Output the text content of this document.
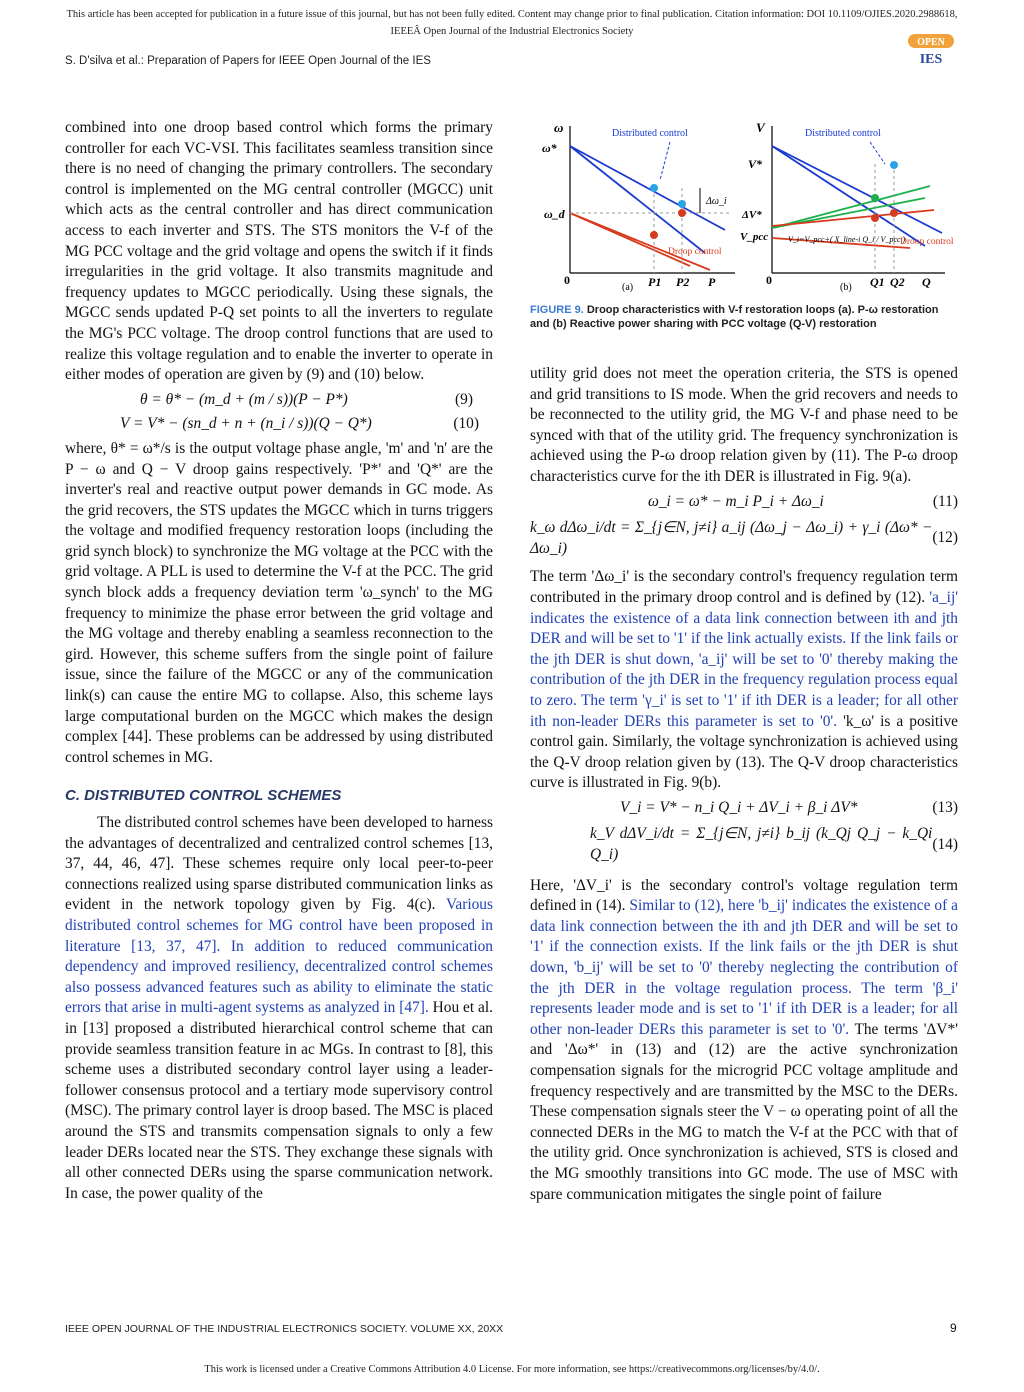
This article has been accepted for publication in a future issue of this journal, but has not been fully edited. Content may change prior to final publication. Citation information: DOI 10.1109/OJIES.2020.2988618,
IEEEÂ Open Journal of the Industrial Electronics Society
S. D'silva et al.: Preparation of Papers for IEEE Open Journal of the IES
OPEN
IES

combined into one droop based control which forms the primary controller for each VC-VSI. This facilitates seamless transition since there is no need of changing the primary controllers. The secondary control is implemented on the MG central controller (MGCC) unit which acts as the central controller and has direct communication access to each inverter and STS. The STS monitors the V-f of the MG PCC voltage and the grid voltage and opens the switch if it finds irregularities in the grid voltage. It also transmits magnitude and frequency updates to MGCC periodically. Using these signals, the MGCC sends updated P-Q set points to all the inverters to regulate the MG's PCC voltage. The droop control functions that are used to realize this voltage regulation and to enable the inverter to operate in either modes of operation are given by (9) and (10) below.

θ = θ* − (m_d + (m / s))(P − P*)	(9)
V = V* − (sn_d + n + (n_i / s))(Q − Q*)	(10)

where, θ* = ω*/s is the output voltage phase angle, 'm' and 'n' are the P − ω and Q − V droop gains respectively. 'P*' and 'Q*' are the inverter's real and reactive output power demands in GC mode. As the grid recovers, the STS updates the MGCC which in turns triggers the voltage and modified frequency restoration loops (including the grid synch block) to synchronize the MG voltage at the PCC with the grid voltage. A PLL is used to determine the V-f at the PCC. The grid synch block adds a frequency deviation term 'ω_synch' to the MG frequency to minimize the phase error between the grid voltage and the MG voltage and thereby enabling a seamless reconnection to the gird. However, this scheme suffers from the single point of failure issue, since the failure of the MGCC or any of the communication link(s) can cause the entire MG to collapse. Also, this scheme lays large computational burden on the MGCC which makes the design complex [44]. These problems can be addressed by using distributed control schemes in MG.

C. DISTRIBUTED CONTROL SCHEMES

The distributed control schemes have been developed to harness the advantages of decentralized and centralized control schemes [13, 37, 44, 46, 47]. These schemes require only local peer-to-peer connections realized using sparse distributed communication links as evident in the network topology given by Fig. 4(c). Various distributed control schemes for MG control have been proposed in literature [13, 37, 47]. In addition to reduced communication dependency and improved resiliency, decentralized control schemes also possess advanced features such as ability to eliminate the static errors that arise in multi-agent systems as analyzed in [47]. Hou et al. in [13] proposed a distributed hierarchical control scheme that can provide seamless transition feature in ac MGs. In contrast to [8], this scheme uses a distributed secondary control layer using a leader-follower consensus protocol and a tertiary mode supervisory control (MSC). The primary control layer is droop based. The MSC is placed around the STS and transmits compensation signals to only a few leader DERs located near the STS. They exchange these signals with all other connected DERs using the sparse communication network. In case, the power quality of the

ω
ω*
ω_d
Δω_i
Distributed control
Droop control
0	P1 P2 P
(a)
V
V*
ΔV*
V_pcc V_i=V_pcc+( X_line-i Q_i / V_pcc )
Distributed control
Droop control
0	Q1 Q2 Q
(b)
FIGURE 9. Droop characteristics with V-f restoration loops (a). P-ω restoration and (b) Reactive power sharing with PCC voltage (Q-V) restoration

utility grid does not meet the operation criteria, the STS is opened and grid transitions to IS mode. When the grid recovers and needs to be reconnected to the utility grid, the MG V-f and phase need to be synced with that of the utility grid. The frequency synchronization is achieved using the P-ω droop relation given by (11). The P-ω droop characteristics curve for the ith DER is illustrated in Fig. 9(a).

ω_i = ω* − m_i P_i + Δω_i	(11)
k_ω dΔω_i/dt = Σ_{j∈N, j≠i} a_ij (Δω_j − Δω_i) + γ_i (Δω* − Δω_i)
(12)

The term 'Δω_i' is the secondary control's frequency regulation term contributed in the primary droop control and is defined by (12). 'a_ij' indicates the existence of a data link connection between ith and jth DER and will be set to '1' if the link actually exists. If the link fails or the jth DER is shut down, 'a_ij' will be set to '0' thereby making the contribution of the jth DER in the frequency regulation process equal to zero. The term 'γ_i' is set to '1' if ith DER is a leader; for all other ith non-leader DERs this parameter is set to '0'. 'k_ω' is a positive control gain. Similarly, the voltage synchronization is achieved using the Q-V droop relation given by (13). The Q-V droop characteristics curve is illustrated in Fig. 9(b).

V_i = V* − n_i Q_i + ΔV_i + β_i ΔV*	(13)
k_V dΔV_i/dt = Σ_{j∈N, j≠i} b_ij (k_Qj Q_j − k_Qi Q_i)
(14)

Here, 'ΔV_i' is the secondary control's voltage regulation term defined in (14). Similar to (12), here 'b_ij' indicates the existence of a data link connection between the ith and jth DER and will be set to '1' if the connection exists. If the link fails or the jth DER is shut down, 'b_ij' will be set to '0' thereby neglecting the contribution of the jth DER in the voltage regulation process. The term 'β_i' represents leader mode and is set to '1' if ith DER is a leader; for all other non-leader DERs this parameter is set to '0'. The terms 'ΔV*' and 'Δω*' in (13) and (12) are the active synchronization compensation signals for the microgrid PCC voltage amplitude and frequency respectively and are transmitted by the MSC to the DERs. These compensation signals steer the V − ω operating point of all the connected DERs in the MG to match the V-f at the PCC with that of the utility grid. Once synchronization is achieved, STS is closed and the MG smoothly transitions into GC mode. The use of MSC with spare communication mitigates the single point of failure

IEEE OPEN JOURNAL OF THE INDUSTRIAL ELECTRONICS SOCIETY. VOLUME XX, 20XX	9
This work is licensed under a Creative Commons Attribution 4.0 License. For more information, see https://creativecommons.org/licenses/by/4.0/.
